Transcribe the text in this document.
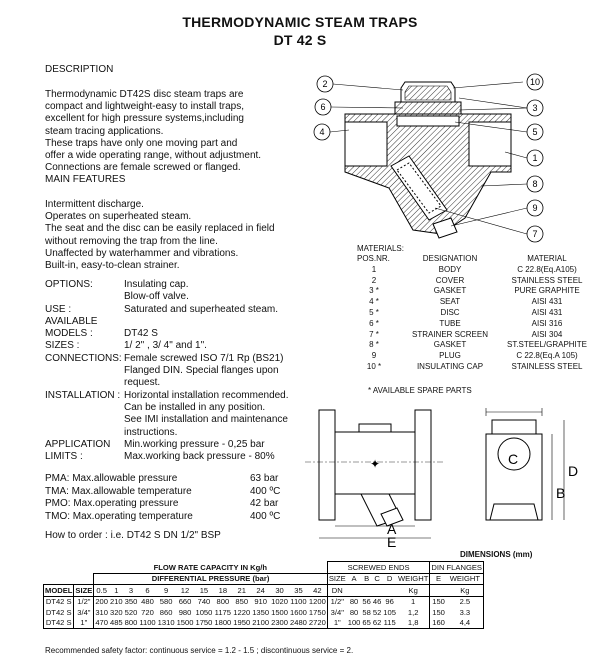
THERMODYNAMIC STEAM TRAPS
DT 42 S
DESCRIPTION
Thermodynamic DT42S disc steam traps are
compact and lightweight-easy to install traps,
excellent for high pressure systems,including
steam tracing applications.
These traps have only one moving part and
offer a wide operating range, without adjustment.
Connections are female screwed or flanged.
MAIN FEATURES
Intermittent discharge.
Operates on superheated steam.
The seat and the disc can be easily replaced in field
without removing the trap from the line.
Unaffected by waterhammer and vibrations.
Built-in, easy-to-clean strainer.
OPTIONS:	Insulating cap.
	Blow-off valve.
USE :	Saturated and superheated steam.
AVAILABLE	
MODELS :	DT42 S
SIZES :	1/ 2" , 3/ 4" and 1".
CONNECTIONS:	Female screwed ISO 7/1 Rp (BS21)
	Flanged DIN. Special flanges upon
	request.
INSTALLATION :	Horizontal installation recommended.
	Can be installed in any position.
	See IMI installation and maintenance
	instructions.
APPLICATION	Min.working pressure - 0,25 bar
LIMITS :	Max.working back pressure - 80%
PMA: Max.allowable pressure	63 bar
TMA: Max.allowable temperature	400 ºC
PMO: Max.operating pressure	42 bar
TMO: Max.operating temperature	400 ºC
How to order : i.e. DT42 S DN 1/2" BSP
2
6
4
10
3
5
1
8
9
7
MATERIALS:
POS.NR.	DESIGNATION	MATERIAL
1	BODY	C 22.8(Eq.A105)
2	COVER	STAINLESS STEEL
3 *	GASKET	PURE GRAPHITE
4 *	SEAT	AISI 431
5 *	DISC	AISI 431
6 *	TUBE	AISI 316
7 *	STRAINER SCREEN	AISI 304
8 *	GASKET	ST.STEEL/GRAPHITE
9	PLUG	C 22.8(Eq.A 105)
10 *	INSULATING CAP	STAINLESS STEEL
* AVAILABLE SPARE PARTS
✦
A
E
C
D
B
DIMENSIONS (mm)
		FLOW RATE CAPACITY IN Kg/h													SCREWED ENDS						DIN FLANGES	
		DIFFERENTIAL PRESSURE (bar)													SIZE	A	B	C	D	WEIGHT	E	WEIGHT
MODEL	SIZE	0.5	1	3	6	9	12	15	18	21	24	30	35	42	DN					Kg		Kg
DT42 S	1/2"	200	210	350	480	580	660	740	800	850	910	1020	1100	1200	1/2"	80	56	46	96	1	150	2.5
DT42 S	3/4"	310	320	520	720	860	980	1050	1175	1220	1350	1500	1600	1750	3/4"	80	58	52	105	1,2	150	3.3
DT42 S	1"	470	485	800	1100	1310	1500	1750	1800	1950	2100	2300	2480	2720	1"	100	65	62	115	1,8	160	4,4
Recommended safety factor: continuous service = 1.2 - 1.5 ; discontinuous service = 2.
